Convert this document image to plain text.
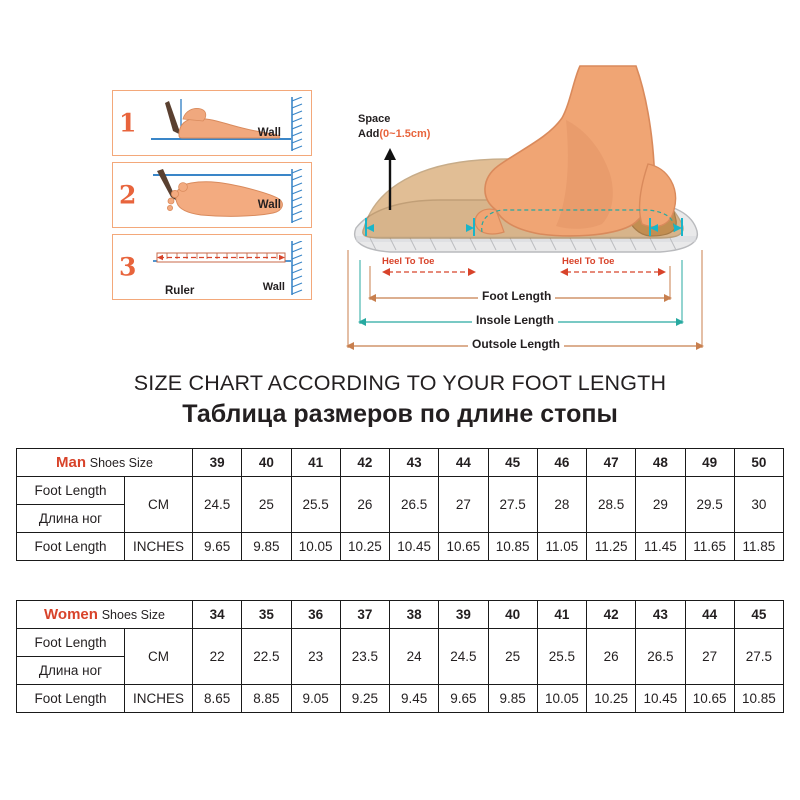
1	Wall
2	Wall
3
Ruler	Wall
Space
Add(0~1.5cm)
Heel To Toe	Heel To Toe
Foot Length
Insole Length
Outsole Length
SIZE CHART ACCORDING TO YOUR FOOT LENGTH
Таблица размеров по длине стопы
Man Shoes Size		39	40	41	42	43	44	45	46	47	48	49	50
Foot Length	CM	24.5	25	25.5	26	26.5	27	27.5	28	28.5	29	29.5	30
Длина ног													
Foot Length	INCHES	9.65	9.85	10.05	10.25	10.45	10.65	10.85	11.05	11.25	11.45	11.65	11.85
Women Shoes Size		34	35	36	37	38	39	40	41	42	43	44	45
Foot Length	CM	22	22.5	23	23.5	24	24.5	25	25.5	26	26.5	27	27.5
Длина ног													
Foot Length	INCHES	8.65	8.85	9.05	9.25	9.45	9.65	9.85	10.05	10.25	10.45	10.65	10.85
